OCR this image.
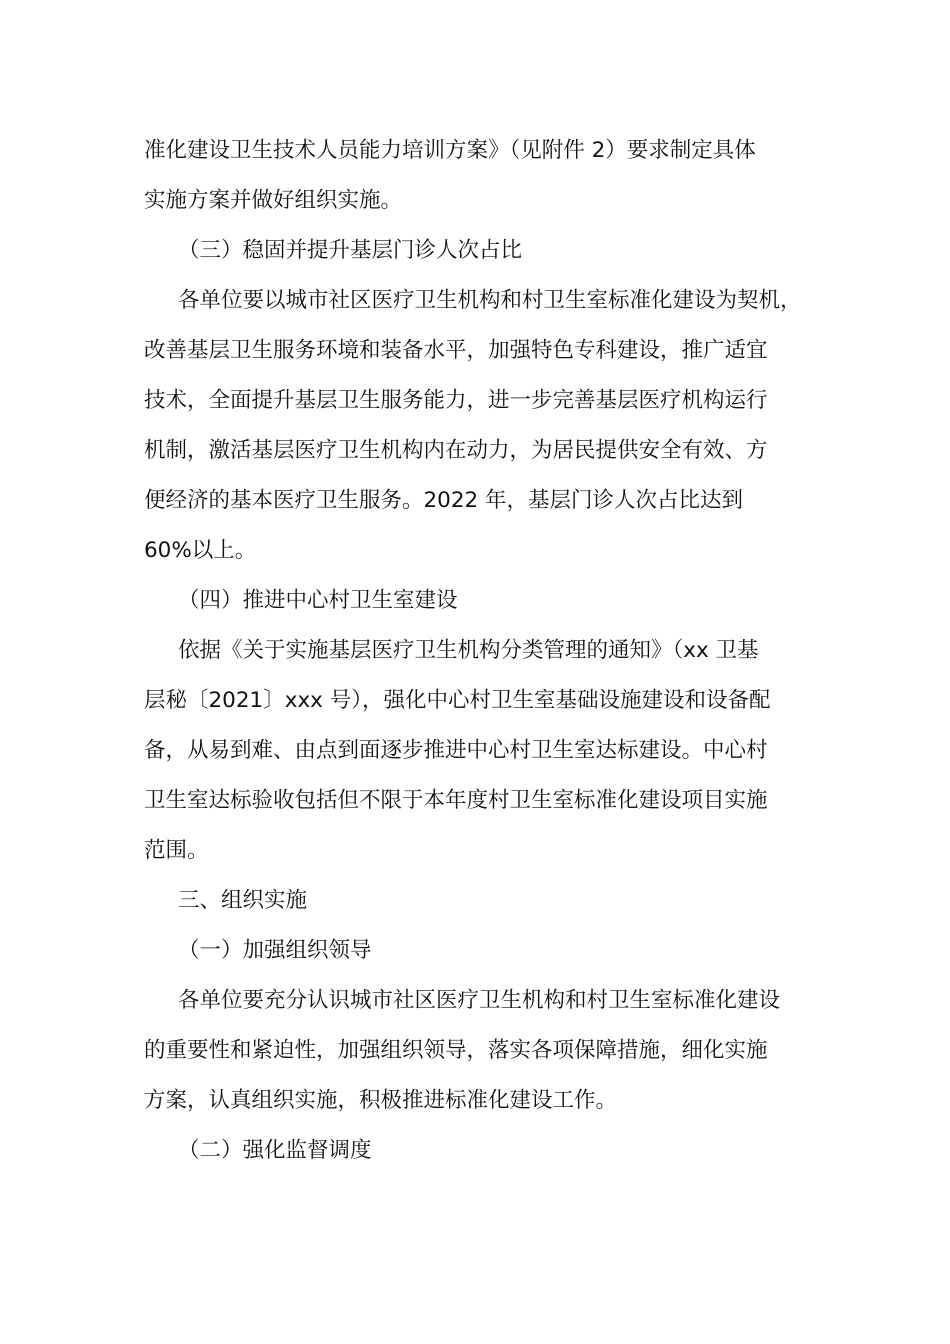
准化建设卫生技术人员能力培训方案》（见附件 2）要求制定具体
实施方案并做好组织实施。
（三）稳固并提升基层门诊人次占比
各单位要以城市社区医疗卫生机构和村卫生室标准化建设为契机，
改善基层卫生服务环境和装备水平，加强特色专科建设，推广适宜
技术，全面提升基层卫生服务能力，进一步完善基层医疗机构运行
机制，激活基层医疗卫生机构内在动力，为居民提供安全有效、方
便经济的基本医疗卫生服务。2022 年，基层门诊人次占比达到
60%以上。
（四）推进中心村卫生室建设
依据《关于实施基层医疗卫生机构分类管理的通知》（xx 卫基
层秘〔2021〕xxx 号），强化中心村卫生室基础设施建设和设备配
备，从易到难、由点到面逐步推进中心村卫生室达标建设。中心村
卫生室达标验收包括但不限于本年度村卫生室标准化建设项目实施
范围。
三、组织实施
（一）加强组织领导
各单位要充分认识城市社区医疗卫生机构和村卫生室标准化建设
的重要性和紧迫性，加强组织领导，落实各项保障措施，细化实施
方案，认真组织实施，积极推进标准化建设工作。
（二）强化监督调度
